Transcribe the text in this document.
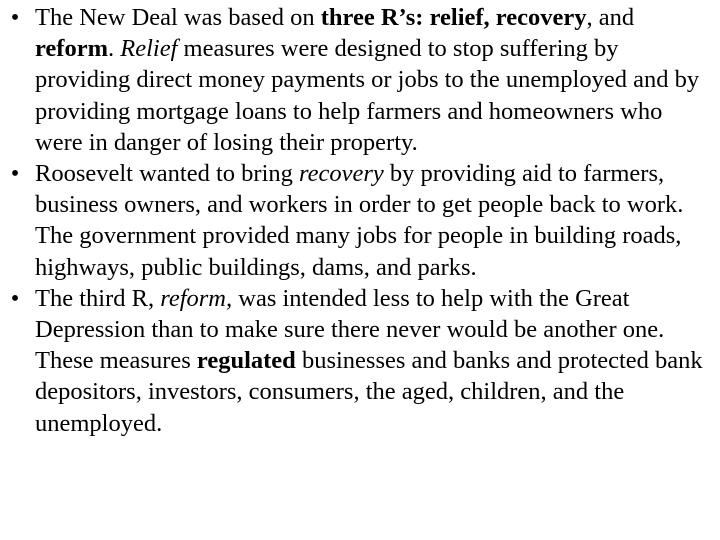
• The New Deal was based on three R’s: relief, recovery, and reform. Relief measures were designed to stop suffering by providing direct money payments or jobs to the unemployed and by providing mortgage loans to help farmers and homeowners who were in danger of losing their property.
• Roosevelt wanted to bring recovery by providing aid to farmers, business owners, and workers in order to get people back to work. The government provided many jobs for people in building roads, highways, public buildings, dams, and parks.
• The third R, reform, was intended less to help with the Great Depression than to make sure there never would be another one. These measures regulated businesses and banks and protected bank depositors, investors, consumers, the aged, children, and the unemployed.
